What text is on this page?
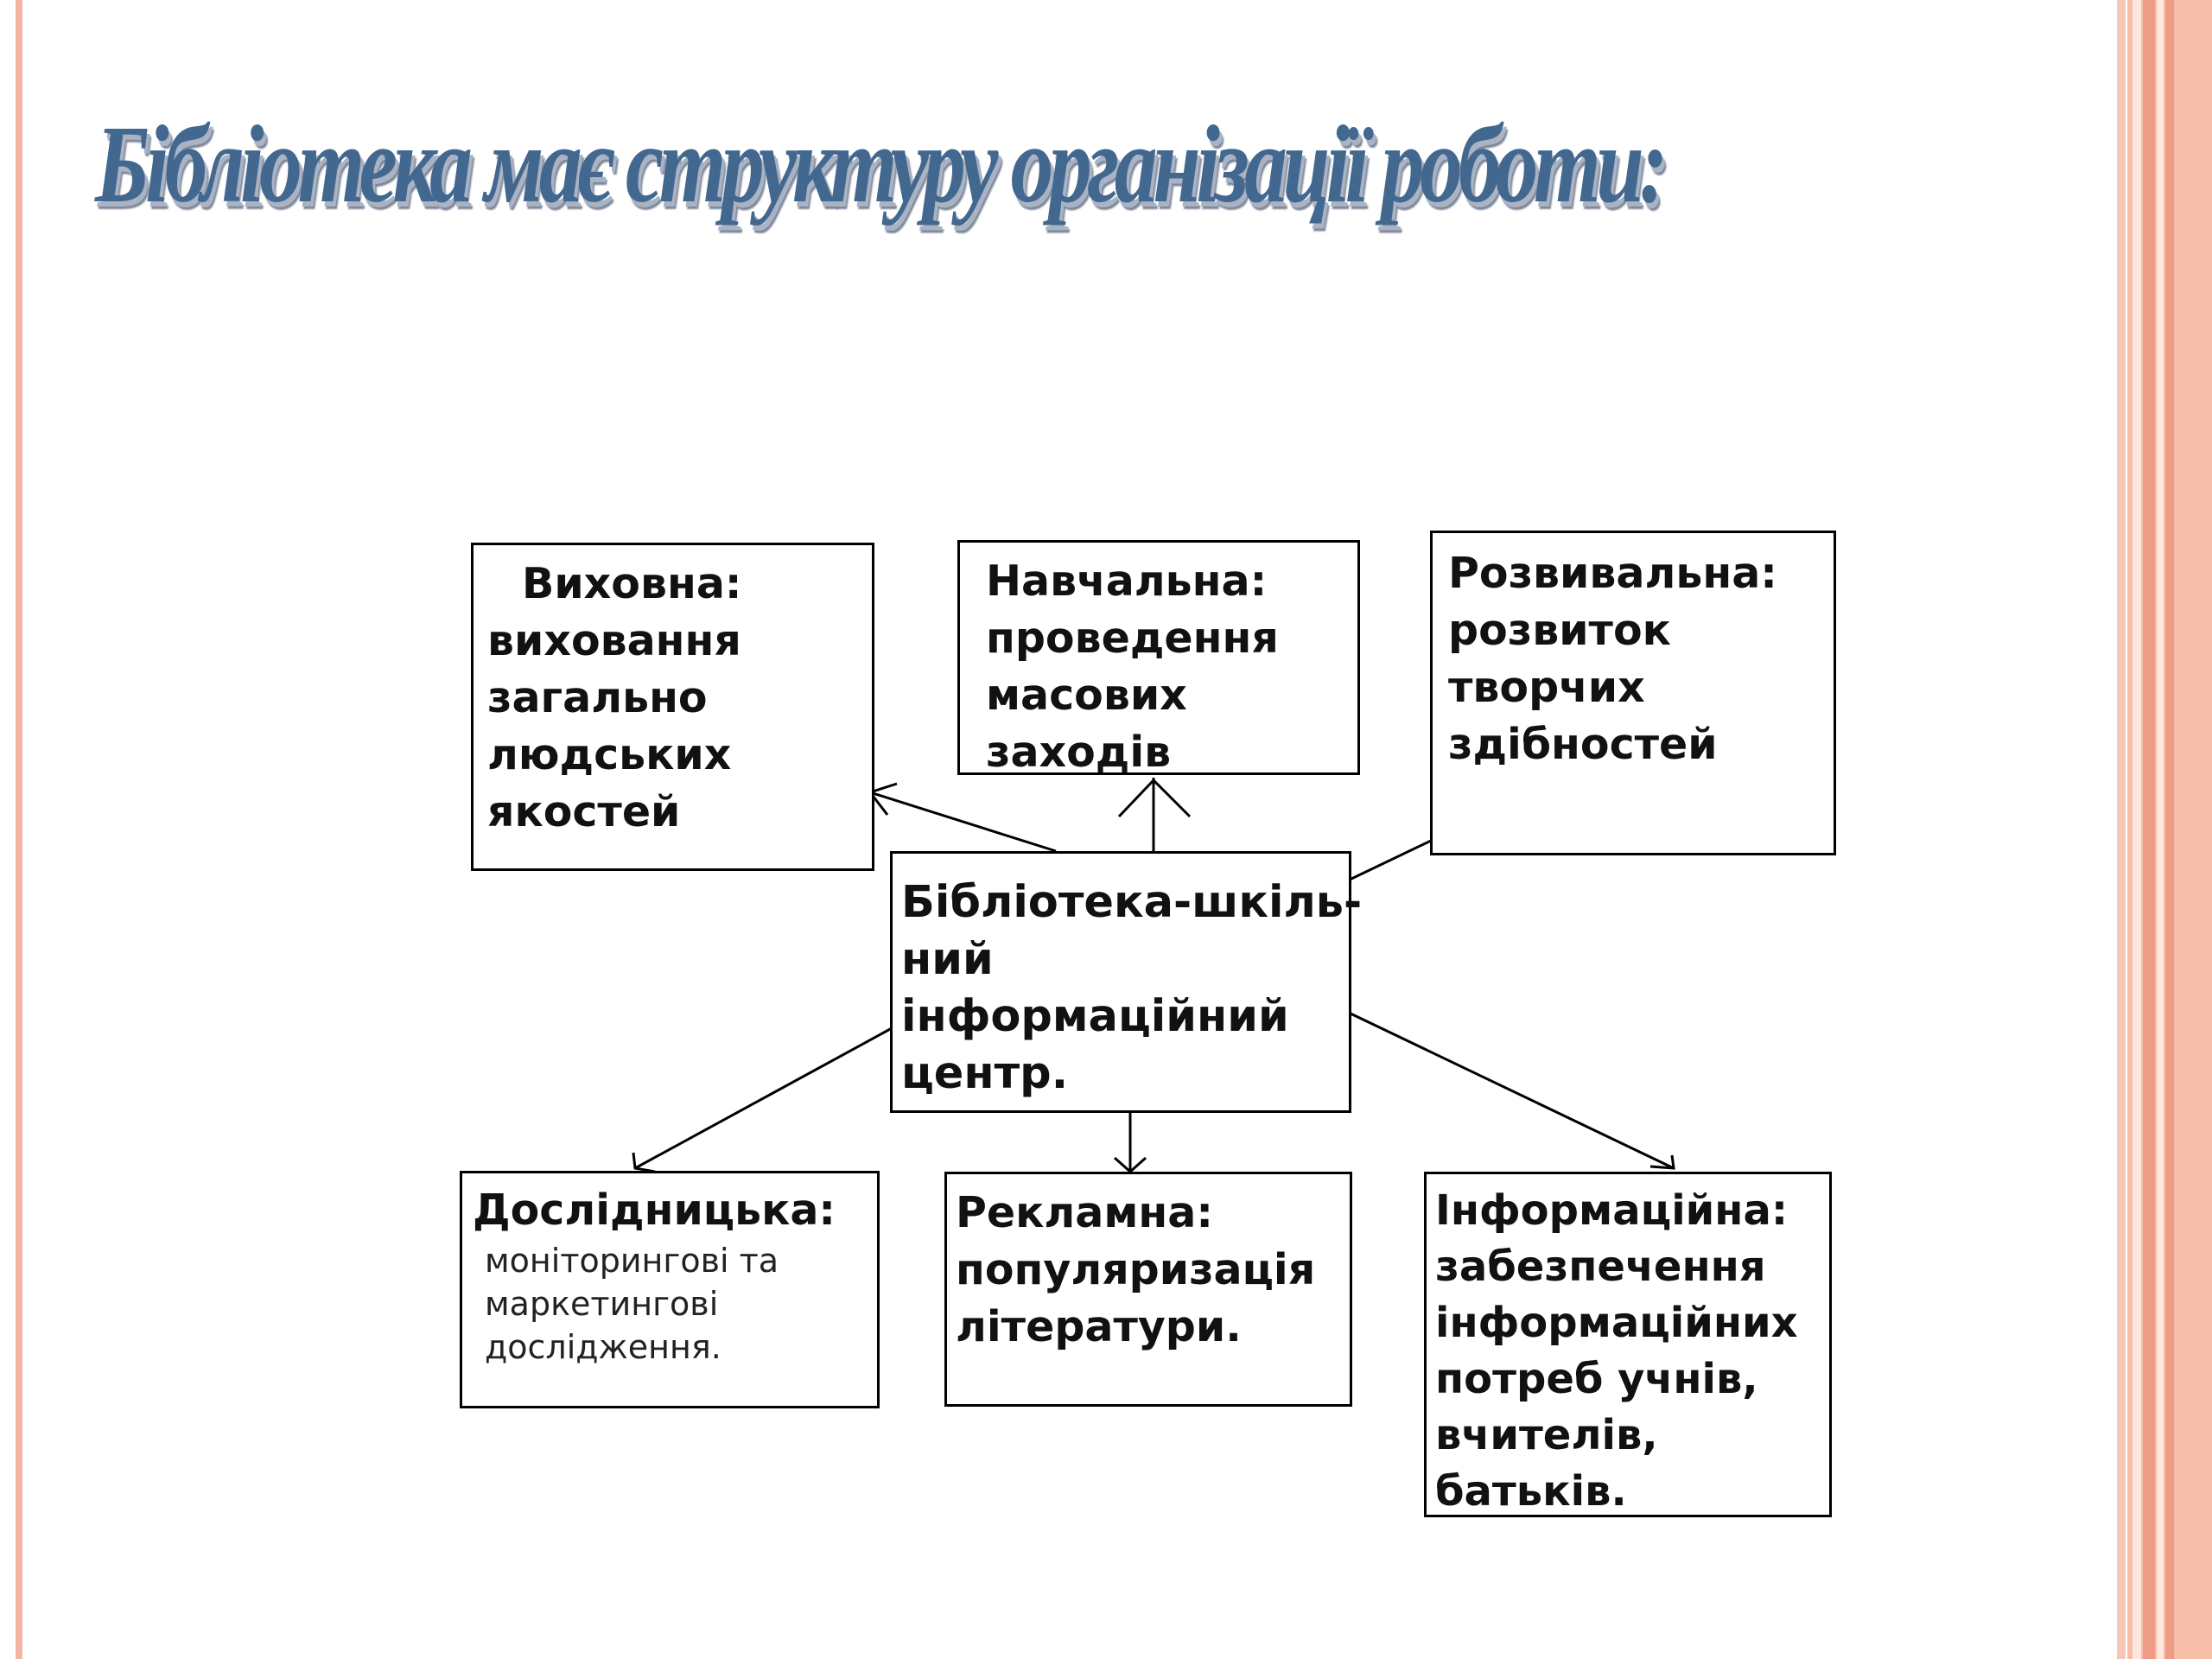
Бібліотека має структуру організації роботи:
Виховна:
виховання
загально
людських
якостей
Навчальна:
проведення
масових
заходів
Розвивальна:
розвиток
творчих
здібностей
Бібліотека-шкіль-
ний
інформаційний
центр.
Дослідницька:
моніторингові та
маркетингові
дослідження.
Рекламна:
популяризація
літератури.
Інформаційна:
забезпечення
інформаційних
потреб учнів,
вчителів,
батьків.
